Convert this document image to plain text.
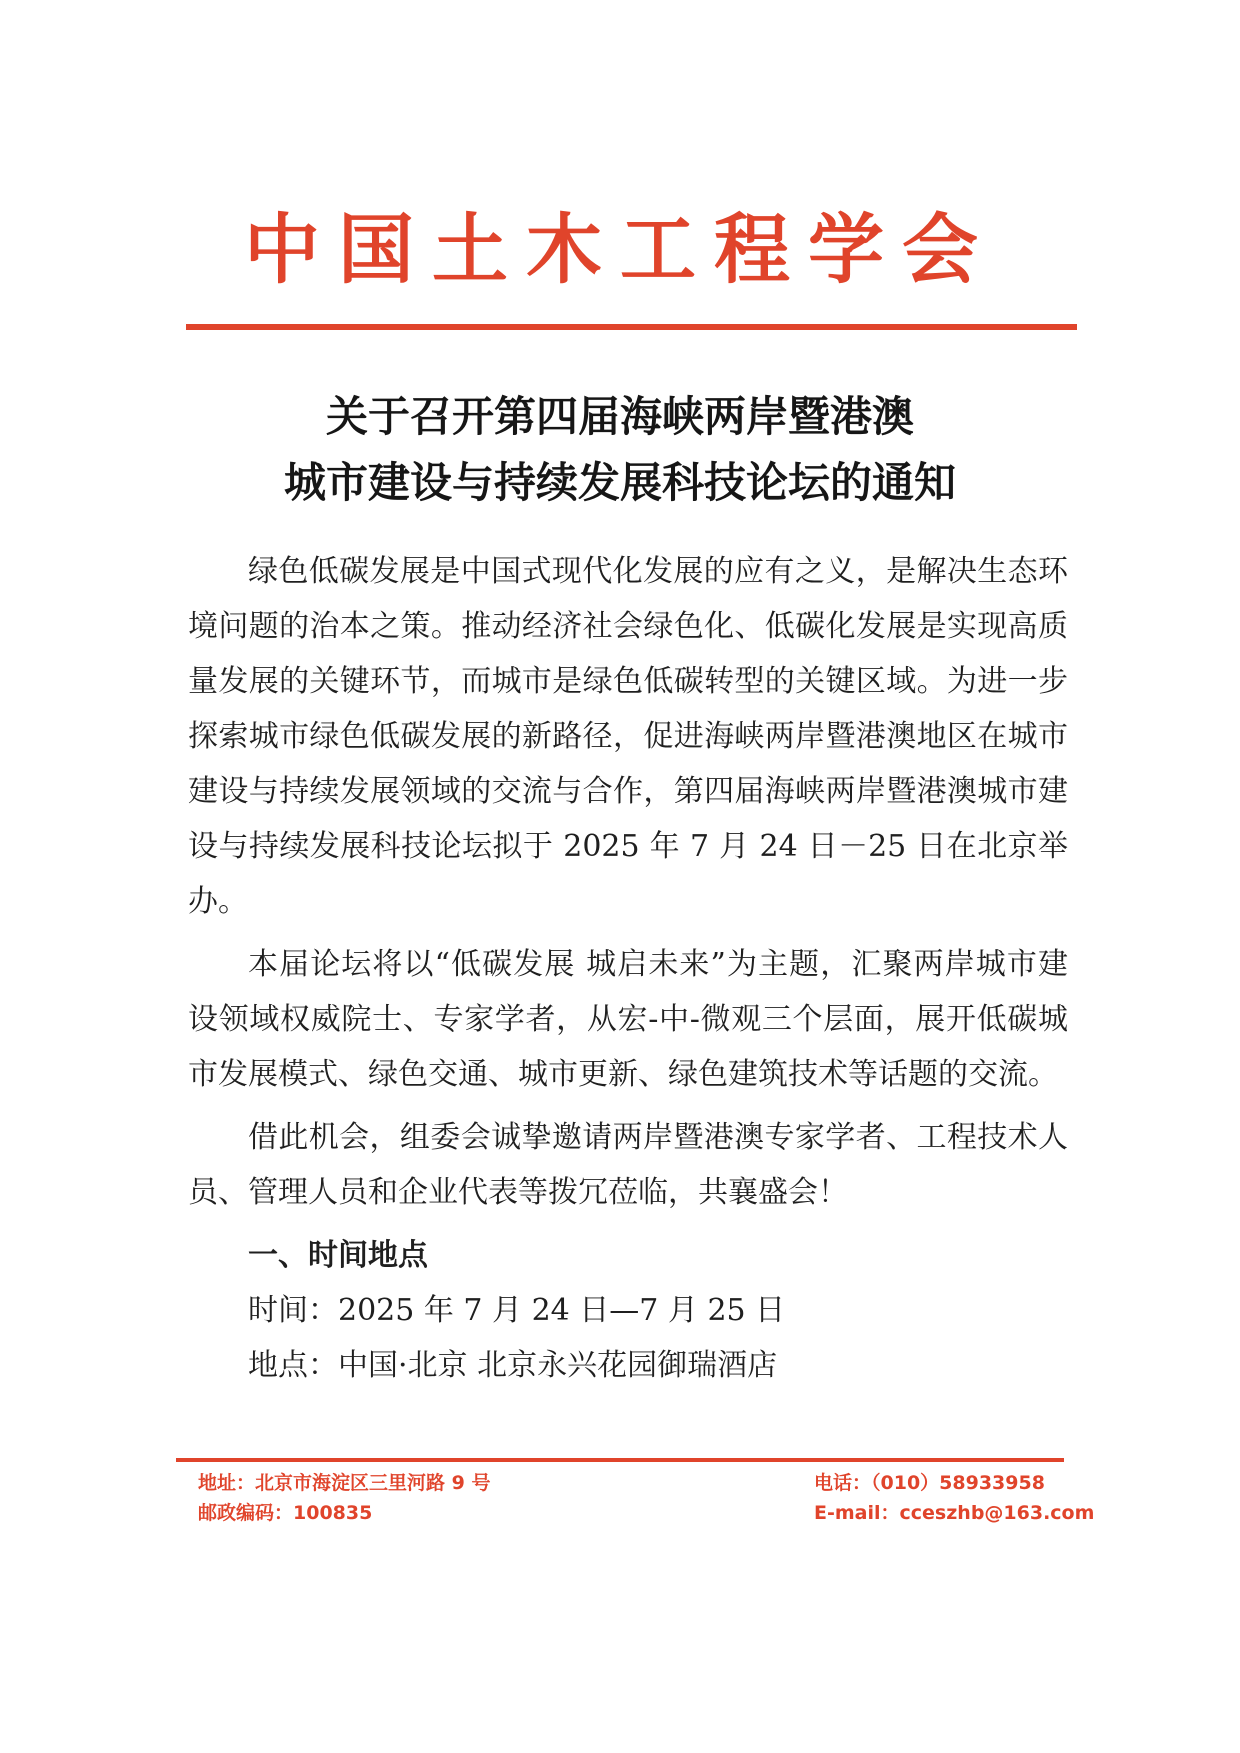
中国土木工程学会
关于召开第四届海峡两岸暨港澳
城市建设与持续发展科技论坛的通知

绿色低碳发展是中国式现代化发展的应有之义，是解决生态环境问题的治本之策。推动经济社会绿色化、低碳化发展是实现高质量发展的关键环节，而城市是绿色低碳转型的关键区域。为进一步探索城市绿色低碳发展的新路径，促进海峡两岸暨港澳地区在城市建设与持续发展领域的交流与合作，第四届海峡两岸暨港澳城市建设与持续发展科技论坛拟于 2025 年 7 月 24 日－25 日在北京举办。

本届论坛将以“低碳发展 城启未来”为主题，汇聚两岸城市建设领域权威院士、专家学者，从宏-中-微观三个层面，展开低碳城市发展模式、绿色交通、城市更新、绿色建筑技术等话题的交流。

借此机会，组委会诚挚邀请两岸暨港澳专家学者、工程技术人员、管理人员和企业代表等拨冗莅临，共襄盛会！

一、时间地点
时间：2025 年 7 月 24 日—7 月 25 日
地点：中国·北京 北京永兴花园御瑞酒店
地址：北京市海淀区三里河路 9 号
邮政编码：100835
电话：（010）58933958
E-mail：cceszhb@163.com
